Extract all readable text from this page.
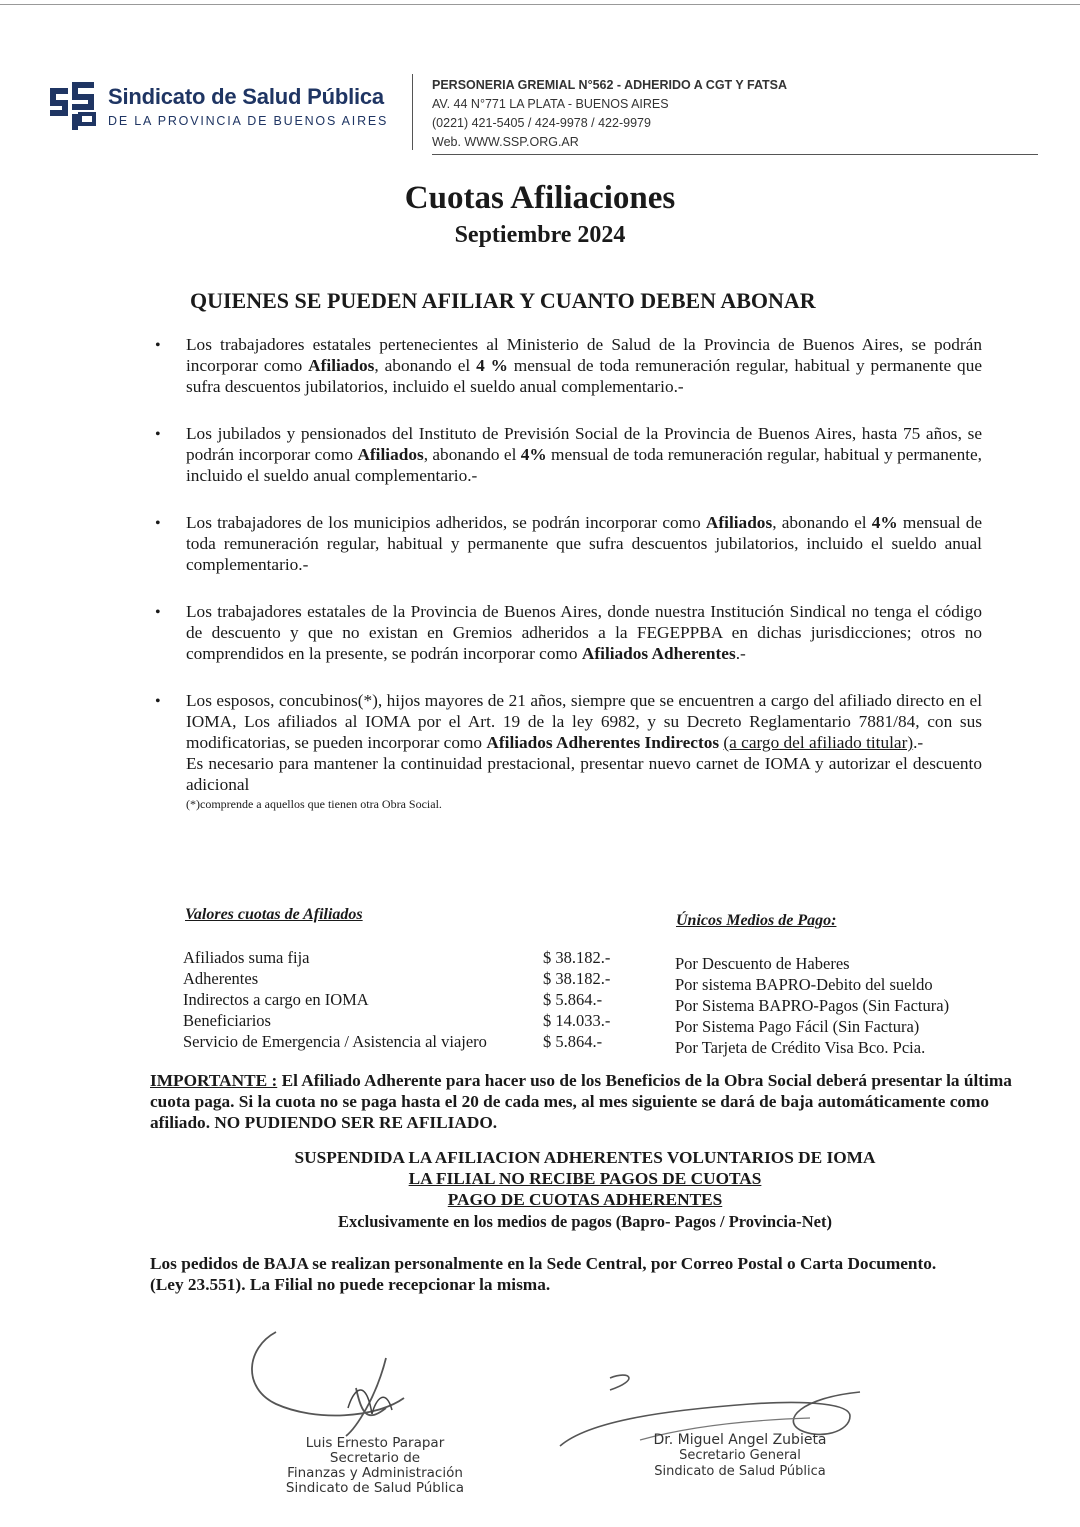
Sindicato de Salud Pública
DE LA PROVINCIA DE BUENOS AIRES
PERSONERIA GREMIAL N°562 - ADHERIDO A CGT Y FATSA
AV. 44 N°771 LA PLATA - BUENOS AIRES
(0221) 421-5405 / 424-9978 / 422-9979
Web. WWW.SSP.ORG.AR
Cuotas Afiliaciones
Septiembre 2024
QUIENES SE PUEDEN AFILIAR Y CUANTO DEBEN ABONAR
• Los trabajadores estatales pertenecientes al Ministerio de Salud de la Provincia de Buenos Aires, se podrán incorporar como Afiliados, abonando el 4 % mensual de toda remuneración regular, habitual y permanente que sufra descuentos jubilatorios, incluido el sueldo anual complementario.-
• Los jubilados y pensionados del Instituto de Previsión Social de la Provincia de Buenos Aires, hasta 75 años, se podrán incorporar como Afiliados, abonando el 4% mensual de toda remuneración regular, habitual y permanente, incluido el sueldo anual complementario.-
• Los trabajadores de los municipios adheridos, se podrán incorporar como Afiliados, abonando el 4% mensual de toda remuneración regular, habitual y permanente que sufra descuentos jubilatorios, incluido el sueldo anual complementario.-
• Los trabajadores estatales de la Provincia de Buenos Aires, donde nuestra Institución Sindical no tenga el código de descuento y que no existan en Gremios adheridos a la FEGEPPBA en dichas jurisdicciones; otros no comprendidos en la presente, se podrán incorporar como Afiliados Adherentes.-
• Los esposos, concubinos(*), hijos mayores de 21 años, siempre que se encuentren a cargo del afiliado directo en el IOMA, Los afiliados al IOMA por el Art. 19 de la ley 6982, y su Decreto Reglamentario 7881/84, con sus modificatorias, se pueden incorporar como Afiliados Adherentes Indirectos (a cargo del afiliado titular).-
Es necesario para mantener la continuidad prestacional, presentar nuevo carnet de IOMA y autorizar el descuento adicional
(*)comprende a aquellos que tienen otra Obra Social.
Valores cuotas de Afiliados	Únicos Medios de Pago:
Afiliados suma fija	$ 38.182.-
Adherentes	$ 38.182.-
Indirectos a cargo en IOMA	$ 5.864.-
Beneficiarios	$ 14.033.-
Servicio de Emergencia / Asistencia al viajero	$ 5.864.-
Por Descuento de Haberes
Por sistema BAPRO-Debito del sueldo
Por Sistema BAPRO-Pagos (Sin Factura)
Por Sistema Pago Fácil (Sin Factura)
Por Tarjeta de Crédito Visa Bco. Pcia.
IMPORTANTE : El Afiliado Adherente para hacer uso de los Beneficios de la Obra Social deberá presentar la última cuota paga. Si la cuota no se paga hasta el 20 de cada mes, al mes siguiente se dará de baja automáticamente como afiliado. NO PUDIENDO SER RE AFILIADO.
SUSPENDIDA LA AFILIACION ADHERENTES VOLUNTARIOS DE IOMA
LA FILIAL NO RECIBE PAGOS DE CUOTAS
PAGO DE CUOTAS ADHERENTES
Exclusivamente en los medios de pagos (Bapro- Pagos / Provincia-Net)
Los pedidos de BAJA se realizan personalmente en la Sede Central, por Correo Postal o Carta Documento. (Ley 23.551). La Filial no puede recepcionar la misma.
Luis Ernesto Parapar
Secretario de
Finanzas y Administración
Sindicato de Salud Pública
Dr. Miguel Angel Zubieta
Secretario General
Sindicato de Salud Pública
